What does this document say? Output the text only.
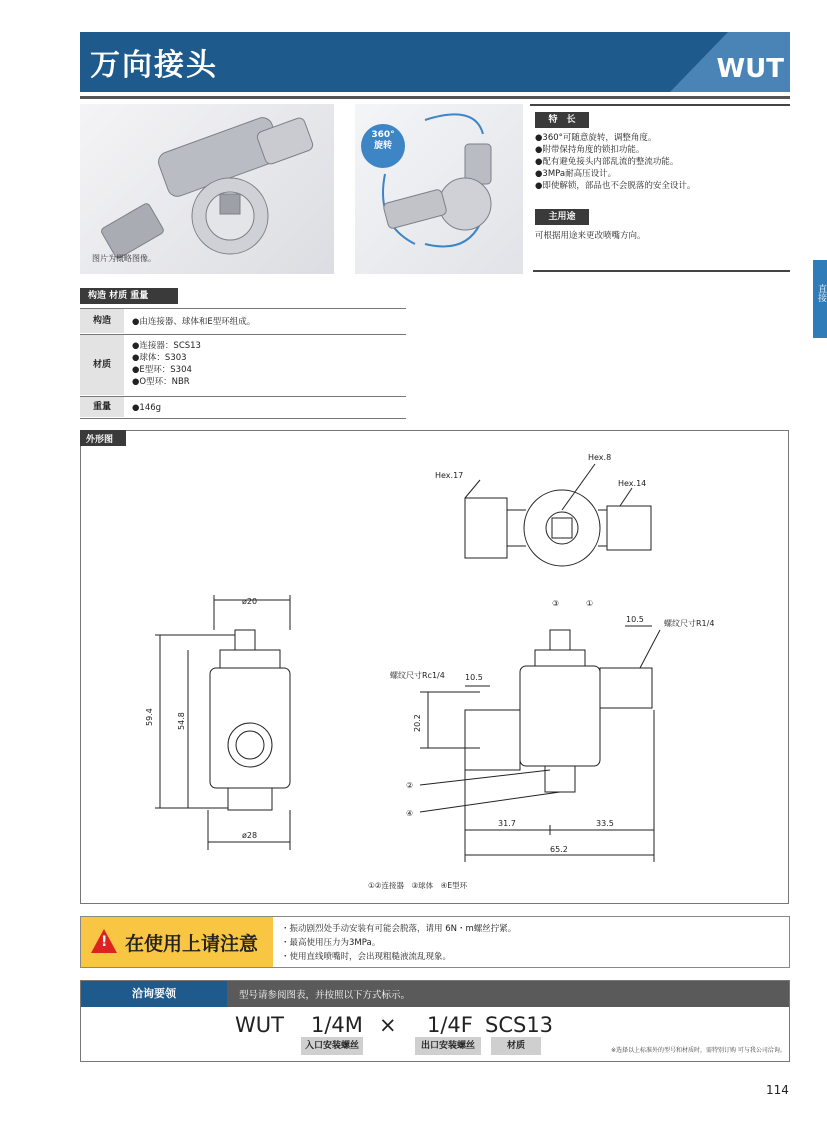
万向接头	WUT
直接
图片为概略图像。
360°
旋转
特　长
●360°可随意旋转，调整角度。
●附带保持角度的锁扣功能。
●配有避免接头内部乱流的整流功能。
●3MPa耐高压设计。
●即使解锁，部品也不会脱落的安全设计。
主用途
可根据用途来更改喷嘴方向。
构造 材质 重量
构造	●由连接器、球体和E型环组成。
材质
●连接器：SCS13
●球体：S303
●E型环：S304
●O型环：NBR
重量	●146g
外形图
Hex.17
Hex.8
Hex.14
ø20
ø28
59.4	54.8
螺纹尺寸R1/4
螺纹尺寸Rc1/4
10.5
10.5
20.2
31.7	33.5
65.2
③	①
②
④
①②连接器　③球体　④E型环
! 在使用上请注意
・振动剧烈处手动安装有可能会脱落，请用 6N・m螺丝拧紧。
・最高使用压力为3MPa。
・使用直线喷嘴时，会出现粗糙液流乱现象。
洽询要领	型号请参阅图表，并按照以下方式标示。
WUT 1/4M × 1/4F SCS13
入口安装螺丝	出口安装螺丝	材质	※选择以上标准外的型号和材质时，需特别订购 可与我公司洽询。
114
